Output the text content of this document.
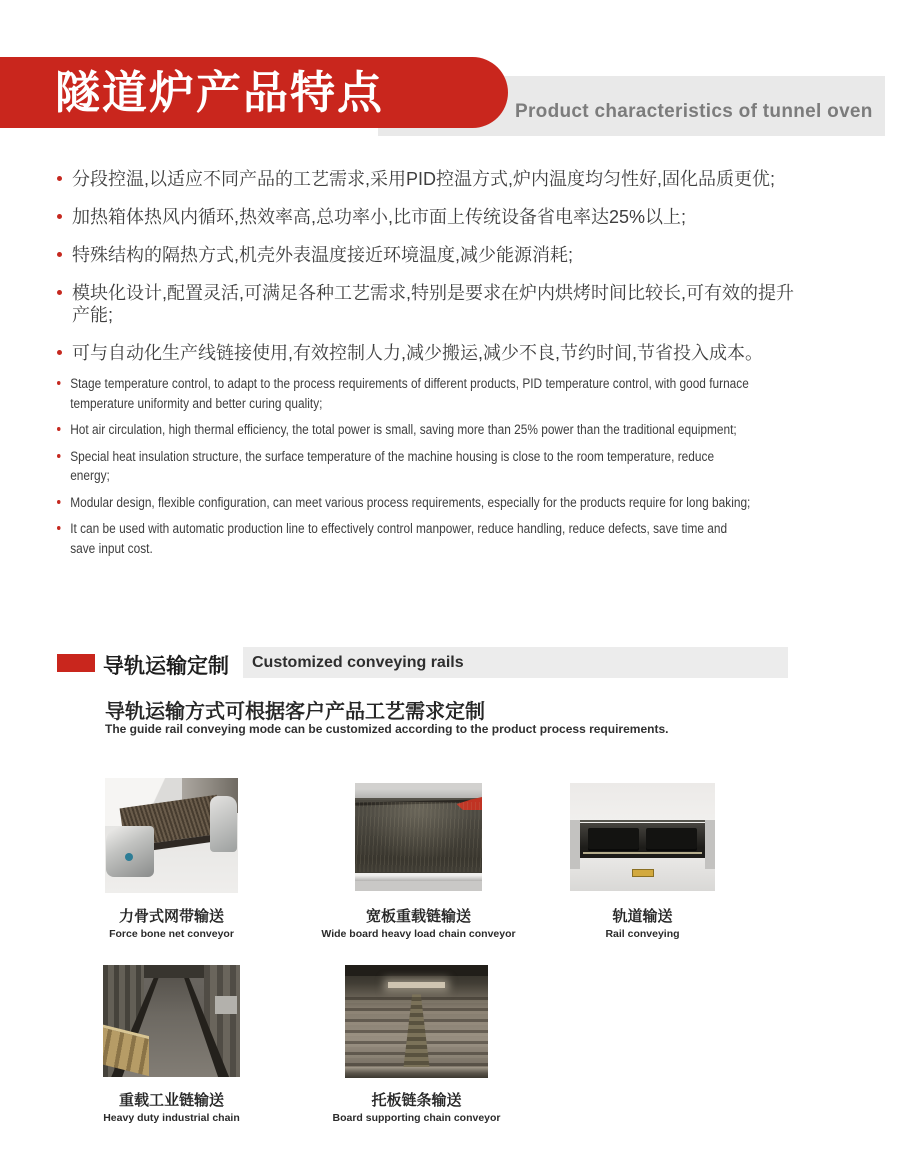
Product characteristics of tunnel oven
隧道炉产品特点
分段控温,以适应不同产品的工艺需求,采用PID控温方式,炉内温度均匀性好,固化品质更优;
加热箱体热风内循环,热效率高,总功率小,比市面上传统设备省电率达25%以上;
特殊结构的隔热方式,机壳外表温度接近环境温度,减少能源消耗;
模块化设计,配置灵活,可满足各种工艺需求,特别是要求在炉内烘烤时间比较长,可有效的提升产能;
可与自动化生产线链接使用,有效控制人力,减少搬运,减少不良,节约时间,节省投入成本。
Stage temperature control, to adapt to the process requirements of different products, PID temperature control, with good furnace temperature uniformity and better curing quality;
Hot air circulation, high thermal efficiency, the total power is small, saving more than 25% power than the traditional equipment;
Special heat insulation structure, the surface temperature of the machine housing is close to the room temperature, reduce energy;
Modular design, flexible configuration, can meet various process requirements, especially for the products require for long baking;
It can be used with automatic production line to effectively control manpower, reduce handling, reduce defects, save time and save input cost.
导轨运输定制	Customized conveying rails
导轨运输方式可根据客户产品工艺需求定制

The guide rail conveying mode can be customized according to the product process requirements.

力骨式网带输送
Force bone net conveyor
宽板重载链输送
Wide board heavy load chain conveyor
轨道输送
Rail conveying
重载工业链输送
Heavy duty industrial chain
托板链条输送
Board supporting chain conveyor
